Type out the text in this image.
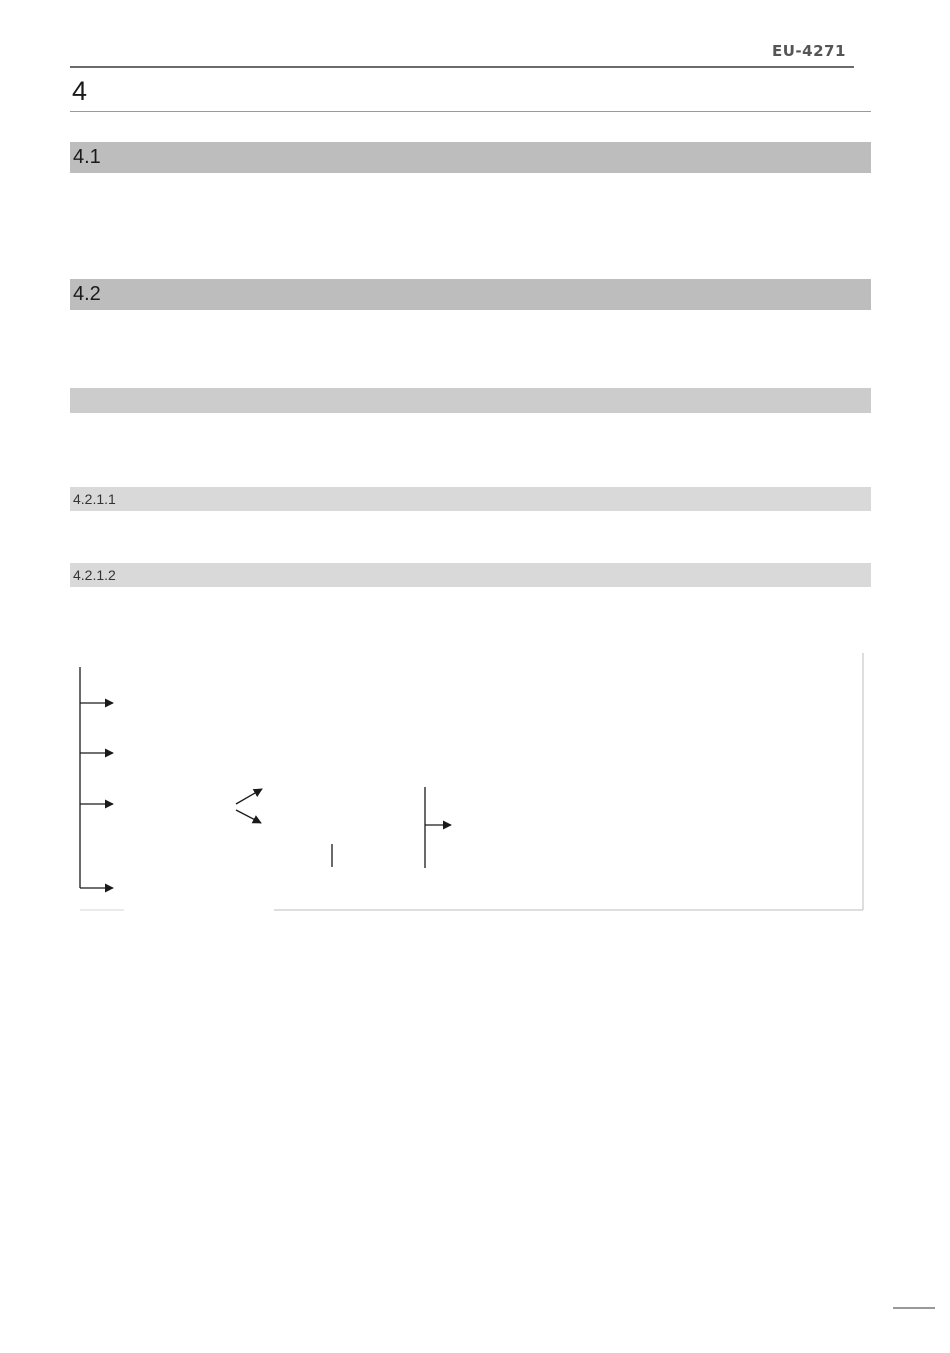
EU-4271
4
4.1
4.2
4.2.1.1
4.2.1.2
